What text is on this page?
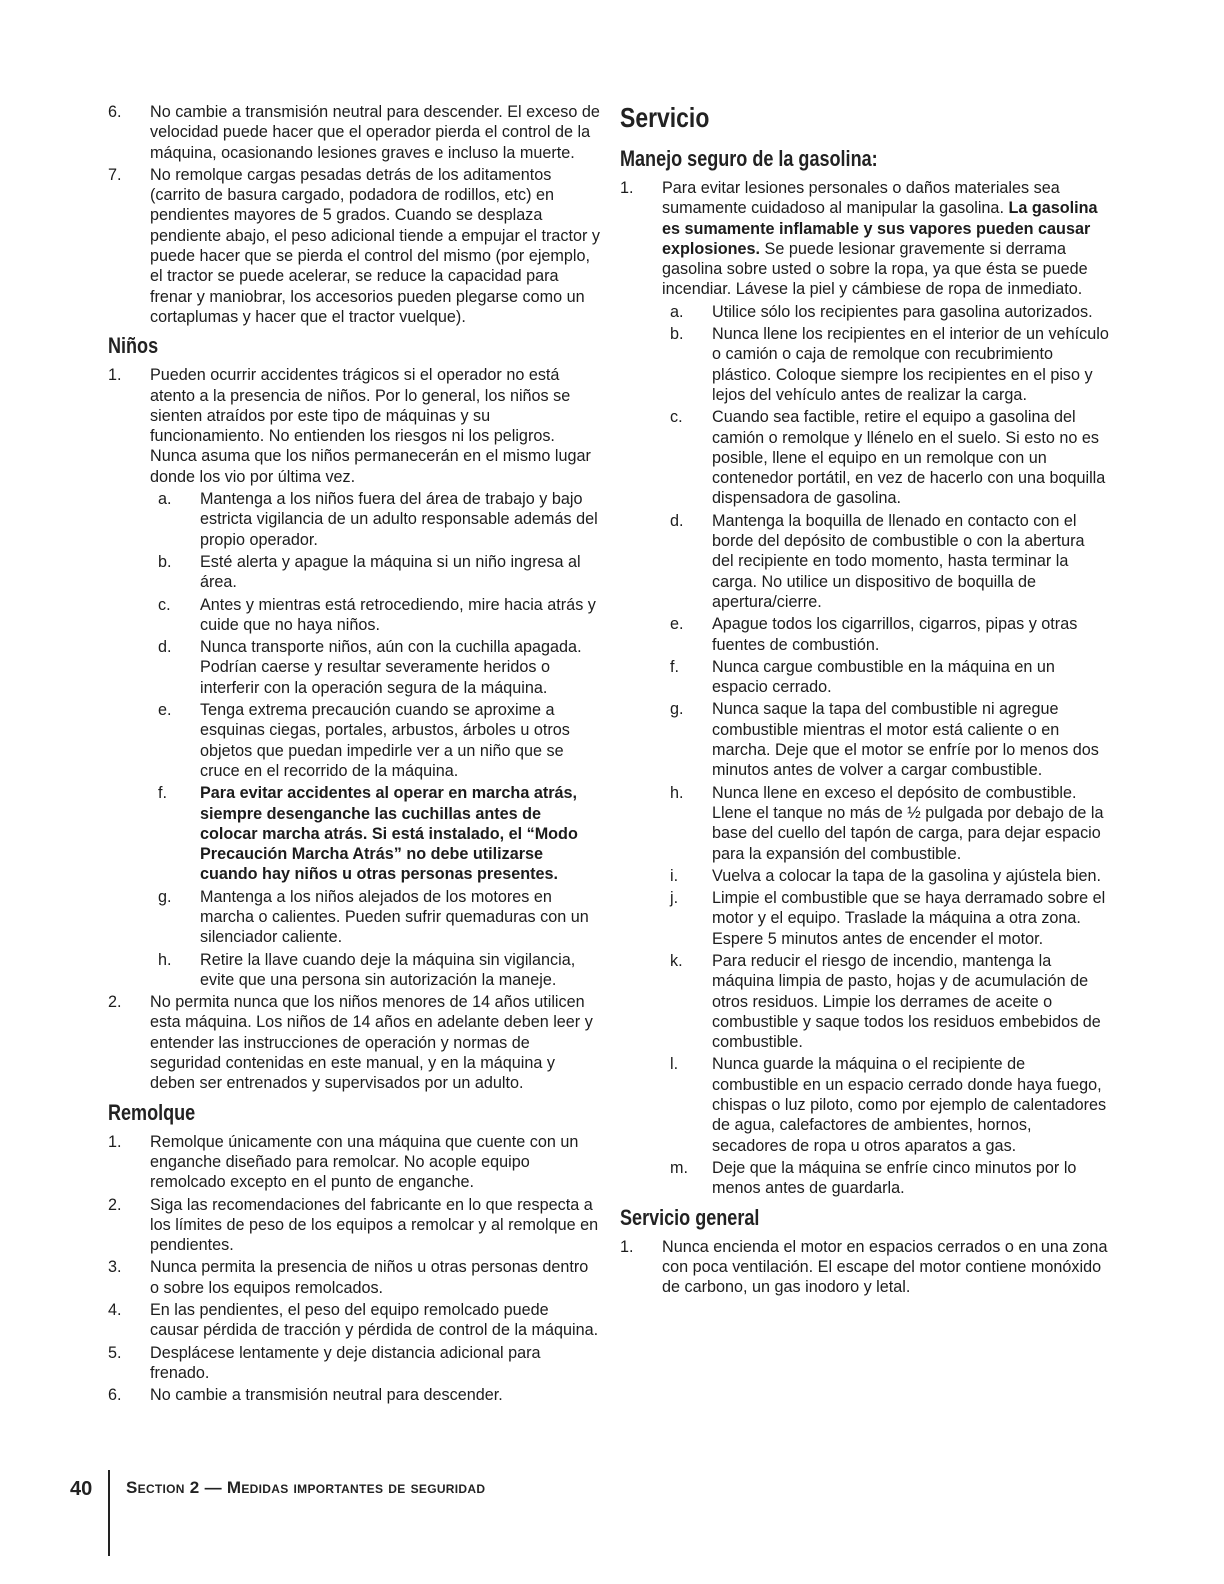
6.	No cambie a transmisión neutral para descender. El exceso de velocidad puede hacer que el operador pierda el control de la máquina, ocasionando lesiones graves e incluso la muerte.
7.	No remolque cargas pesadas detrás de los aditamentos (carrito de basura cargado, podadora de rodillos, etc) en pendientes mayores de 5 grados. Cuando se desplaza pendiente abajo, el peso adicional tiende a empujar el tractor y puede hacer que se pierda el control del mismo (por ejemplo, el tractor se puede acelerar, se reduce la capacidad para frenar y maniobrar, los accesorios pueden plegarse como un cortaplumas y hacer que el tractor vuelque).
Niños
1.	Pueden ocurrir accidentes trágicos si el operador no está atento a la presencia de niños. Por lo general, los niños se sienten atraídos por este tipo de máquinas y su funcionamiento. No entienden los riesgos ni los peligros. Nunca asuma que los niños permanecerán en el mismo lugar donde los vio por última vez.
a.	Mantenga a los niños fuera del área de trabajo y bajo estricta vigilancia de un adulto responsable además del propio operador.
b.	Esté alerta y apague la máquina si un niño ingresa al área.
c.	Antes y mientras está retrocediendo, mire hacia atrás y cuide que no haya niños.
d.	Nunca transporte niños, aún con la cuchilla apagada. Podrían caerse y resultar severamente heridos o interferir con la operación segura de la máquina.
e.	Tenga extrema precaución cuando se aproxime a esquinas ciegas, portales, arbustos, árboles u otros objetos que puedan impedirle ver a un niño que se cruce en el recorrido de la máquina.
f.	Para evitar accidentes al operar en marcha atrás, siempre desenganche las cuchillas antes de colocar marcha atrás. Si está instalado, el “Modo Precaución Marcha Atrás” no debe utilizarse cuando hay niños u otras personas presentes.
g.	Mantenga a los niños alejados de los motores en marcha o calientes. Pueden sufrir quemaduras con un silenciador caliente.
h.	Retire la llave cuando deje la máquina sin vigilancia, evite que una persona sin autorización la maneje.
2.	No permita nunca que los niños menores de 14 años utilicen esta máquina. Los niños de 14 años en adelante deben leer y entender las instrucciones de operación y normas de seguridad contenidas en este manual, y en la máquina y deben ser entrenados y supervisados por un adulto.
Remolque
1.	Remolque únicamente con una máquina que cuente con un enganche diseñado para remolcar. No acople equipo remolcado excepto en el punto de enganche.
2.	Siga las recomendaciones del fabricante en lo que respecta a los límites de peso de los equipos a remolcar y al remolque en pendientes.
3.	Nunca permita la presencia de niños u otras personas dentro o sobre los equipos remolcados.
4.	En las pendientes, el peso del equipo remolcado puede causar pérdida de tracción y pérdida de control de la máquina.
5.	Desplácese lentamente y deje distancia adicional para frenado.
6.	No cambie a transmisión neutral para descender.
Servicio
Manejo seguro de la gasolina:
1.	Para evitar lesiones personales o daños materiales sea sumamente cuidadoso al manipular la gasolina. La gasolina es sumamente inflamable y sus vapores pueden causar explosiones. Se puede lesionar gravemente si derrama gasolina sobre usted o sobre la ropa, ya que ésta se puede incendiar. Lávese la piel y cámbiese de ropa de inmediato.
a.	Utilice sólo los recipientes para gasolina autorizados.
b.	Nunca llene los recipientes en el interior de un vehículo o camión o caja de remolque con recubrimiento plástico. Coloque siempre los recipientes en el piso y lejos del vehículo antes de realizar la carga.
c.	Cuando sea factible, retire el equipo a gasolina del camión o remolque y llénelo en el suelo. Si esto no es posible, llene el equipo en un remolque con un contenedor portátil, en vez de hacerlo con una boquilla dispensadora de gasolina.
d.	Mantenga la boquilla de llenado en contacto con el borde del depósito de combustible o con la abertura del recipiente en todo momento, hasta terminar la carga. No utilice un dispositivo de boquilla de apertura/cierre.
e.	Apague todos los cigarrillos, cigarros, pipas y otras fuentes de combustión.
f.	Nunca cargue combustible en la máquina en un espacio cerrado.
g.	Nunca saque la tapa del combustible ni agregue combustible mientras el motor está caliente o en marcha. Deje que el motor se enfríe por lo menos dos minutos antes de volver a cargar combustible.
h.	Nunca llene en exceso el depósito de combustible. Llene el tanque no más de ½ pulgada por debajo de la base del cuello del tapón de carga, para dejar espacio para la expansión del combustible.
i.	Vuelva a colocar la tapa de la gasolina y ajústela bien.
j.	Limpie el combustible que se haya derramado sobre el motor y el equipo. Traslade la máquina a otra zona. Espere 5 minutos antes de encender el motor.
k.	Para reducir el riesgo de incendio, mantenga la máquina limpia de pasto, hojas y de acumulación de otros residuos. Limpie los derrames de aceite o combustible y saque todos los residuos embebidos de combustible.
l.	Nunca guarde la máquina o el recipiente de combustible en un espacio cerrado donde haya fuego, chispas o luz piloto, como por ejemplo de calentadores de agua, calefactores de ambientes, hornos, secadores de ropa u otros aparatos a gas.
m.	Deje que la máquina se enfríe cinco minutos por lo menos antes de guardarla.
Servicio general
1.	Nunca encienda el motor en espacios cerrados o en una zona con poca ventilación. El escape del motor contiene monóxido de carbono, un gas inodoro y letal.
40	Section 2 — Medidas importantes de seguridad
